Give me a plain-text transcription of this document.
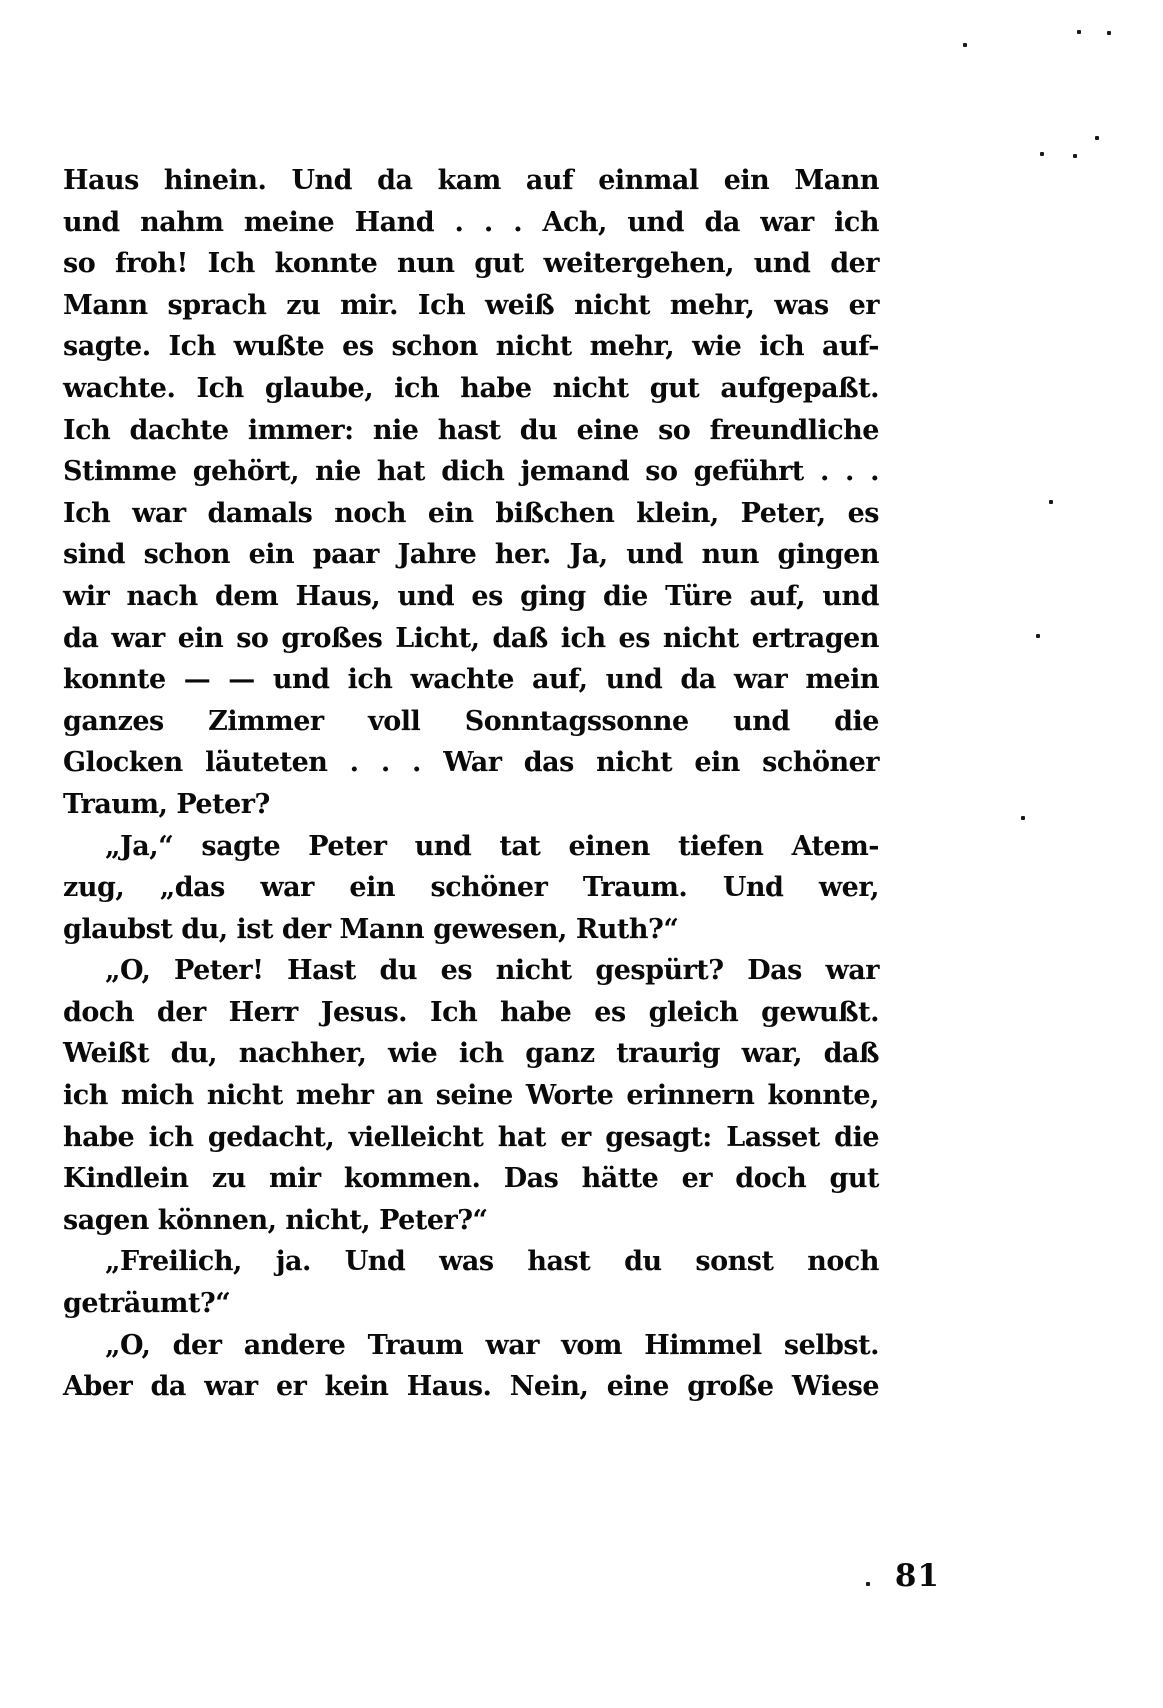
Haus hinein. Und da kam auf einmal ein Mann
und nahm meine Hand . . . Ach, und da war ich
so froh! Ich konnte nun gut weitergehen, und der
Mann sprach zu mir. Ich weiß nicht mehr, was er
sagte. Ich wußte es schon nicht mehr, wie ich auf-
wachte. Ich glaube, ich habe nicht gut aufgepaßt.
Ich dachte immer: nie hast du eine so freundliche
Stimme gehört, nie hat dich jemand so geführt . . .
Ich war damals noch ein bißchen klein, Peter, es
sind schon ein paar Jahre her. Ja, und nun gingen
wir nach dem Haus, und es ging die Türe auf, und
da war ein so großes Licht, daß ich es nicht ertragen
konnte — — und ich wachte auf, und da war mein
ganzes Zimmer voll Sonntagssonne und die
Glocken läuteten . . . War das nicht ein schöner
Traum, Peter?
„Ja,“ sagte Peter und tat einen tiefen Atem-
zug, „das war ein schöner Traum. Und wer,
glaubst du, ist der Mann gewesen, Ruth?“
„O, Peter! Hast du es nicht gespürt? Das war
doch der Herr Jesus. Ich habe es gleich gewußt.
Weißt du, nachher, wie ich ganz traurig war, daß
ich mich nicht mehr an seine Worte erinnern konnte,
habe ich gedacht, vielleicht hat er gesagt: Lasset die
Kindlein zu mir kommen. Das hätte er doch gut
sagen können, nicht, Peter?“
„Freilich, ja. Und was hast du sonst noch
geträumt?“
„O, der andere Traum war vom Himmel selbst.
Aber da war er kein Haus. Nein, eine große Wiese
81
